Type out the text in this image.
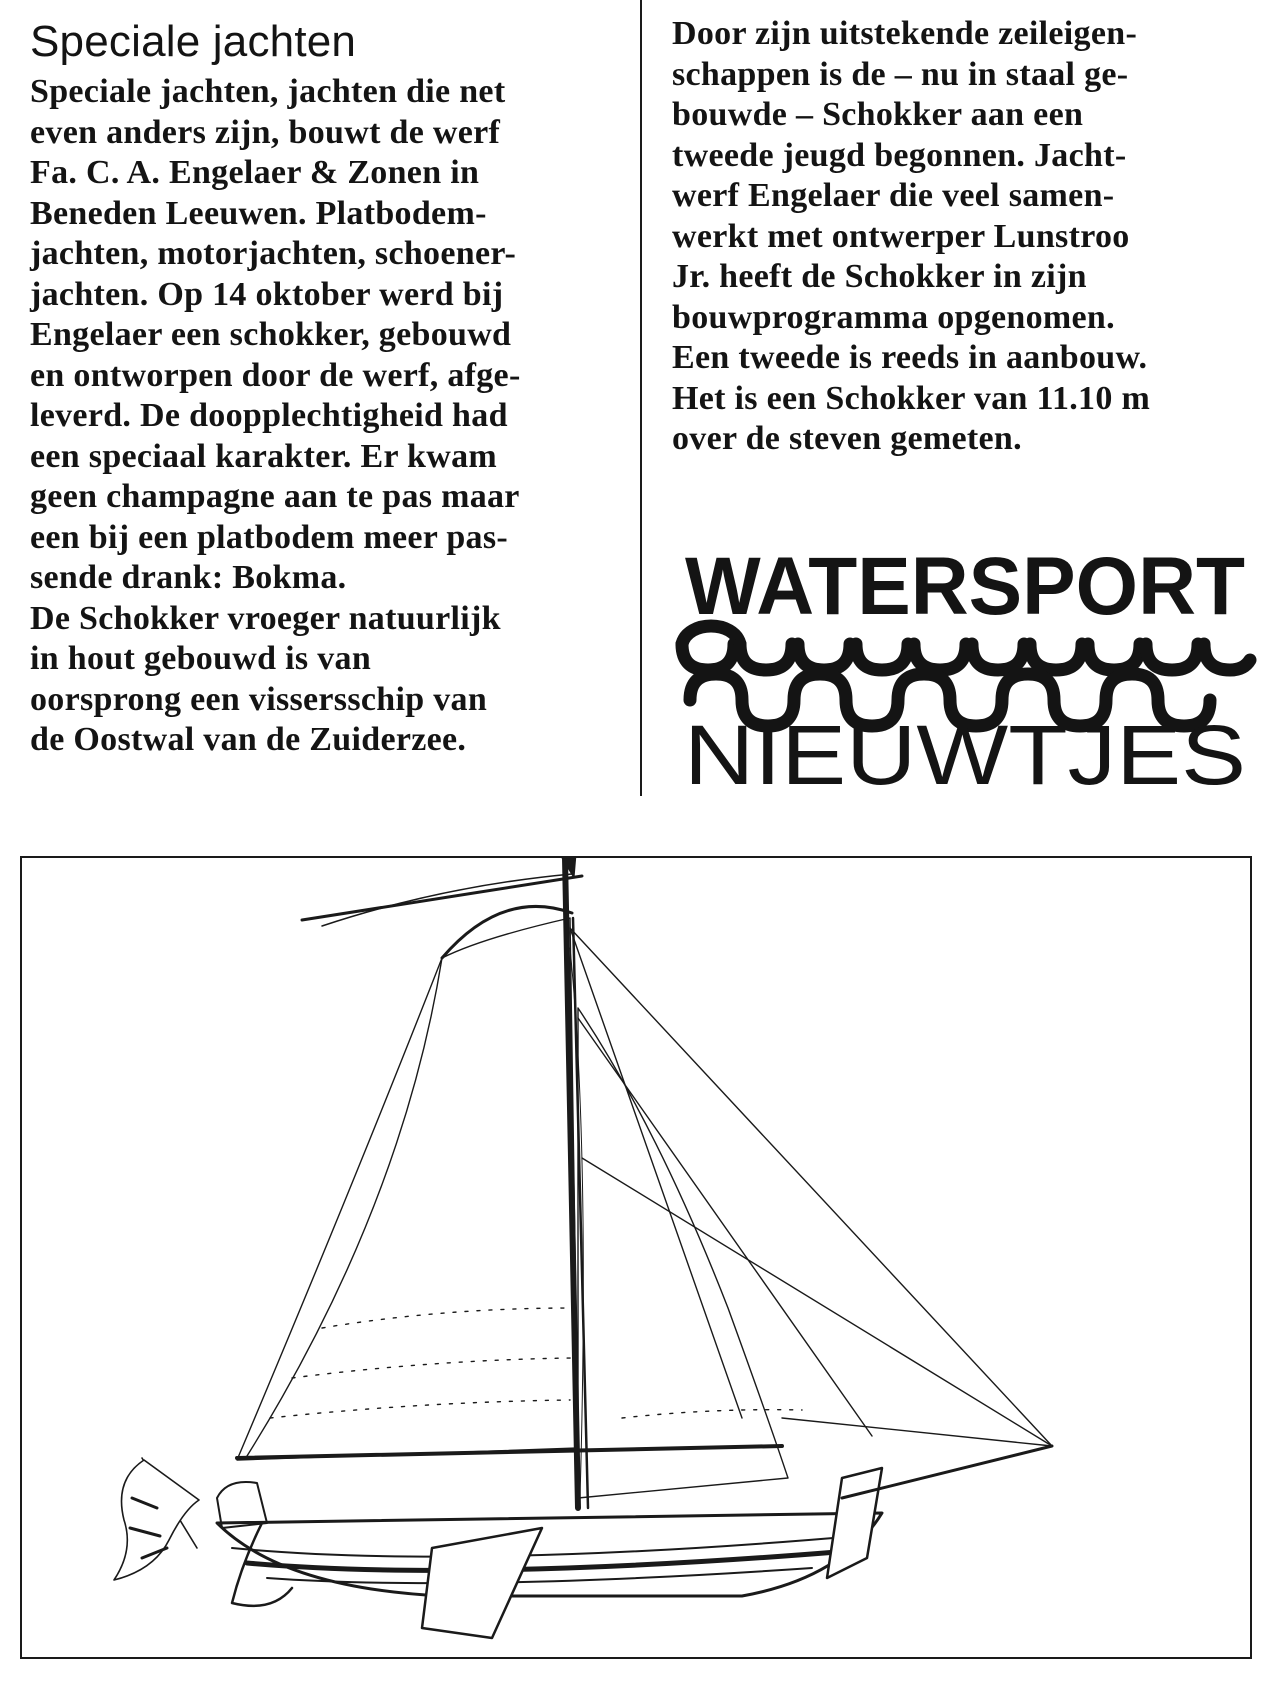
Speciale jachten
Speciale jachten, jachten die net
even anders zijn, bouwt de werf
Fa. C. A. Engelaer & Zonen in
Beneden Leeuwen. Platbodem-
jachten, motorjachten, schoener-
jachten. Op 14 oktober werd bij
Engelaer een schokker, gebouwd
en ontworpen door de werf, afge-
leverd. De doopplechtigheid had
een speciaal karakter. Er kwam
geen champagne aan te pas maar
een bij een platbodem meer pas-
sende drank: Bokma.
De Schokker vroeger natuurlijk
in hout gebouwd is van
oorsprong een vissersschip van
de Oostwal van de Zuiderzee.
Door zijn uitstekende zeileigen-
schappen is de – nu in staal ge-
bouwde – Schokker aan een
tweede jeugd begonnen. Jacht-
werf Engelaer die veel samen-
werkt met ontwerper Lunstroo
Jr. heeft de Schokker in zijn
bouwprogramma opgenomen.
Een tweede is reeds in aanbouw.
Het is een Schokker van 11.10 m
over de steven gemeten.
WATERSPORT
NIEUWTJES
